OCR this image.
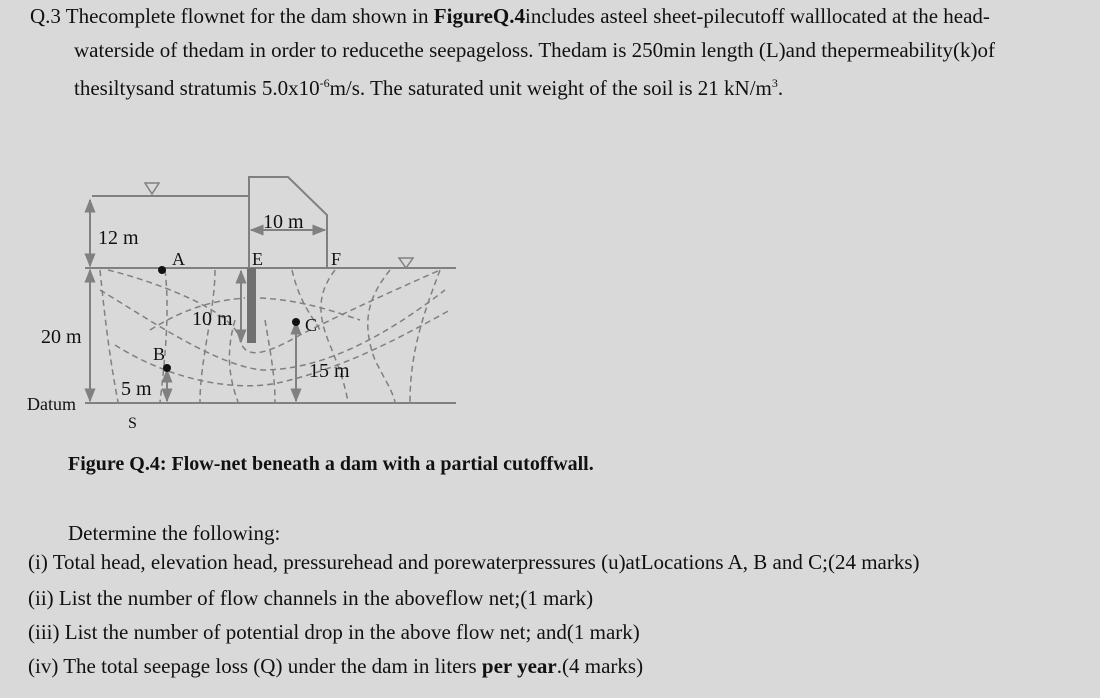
Q.3 Thecomplete flownet for the dam shown in FigureQ.4includes asteel sheet-pilecutoff walllocated at the head-
waterside of thedam in order to reducethe seepageloss. Thedam is 250min length (L)and thepermeability(k)of
thesiltysand stratumis $5.0x10^{-6}m/s$. The saturated unit weight of the soil is 21 $kN/m^3$.
12 m
10 m
A	E	F
10 m	C
20 m
B
15 m
5 m
Datum
S
Figure Q.4: Flow-net beneath a dam with a partial cutoffwall.
Determine the following:
(i) Total head, elevation head, pressurehead and porewaterpressures (u)atLocations A, B and C;(24 marks)
(ii) List the number of flow channels in the aboveflow net;(1 mark)
(iii) List the number of potential drop in the above flow net; and(1 mark)
(iv) The total seepage loss (Q) under the dam in liters per year.(4 marks)
